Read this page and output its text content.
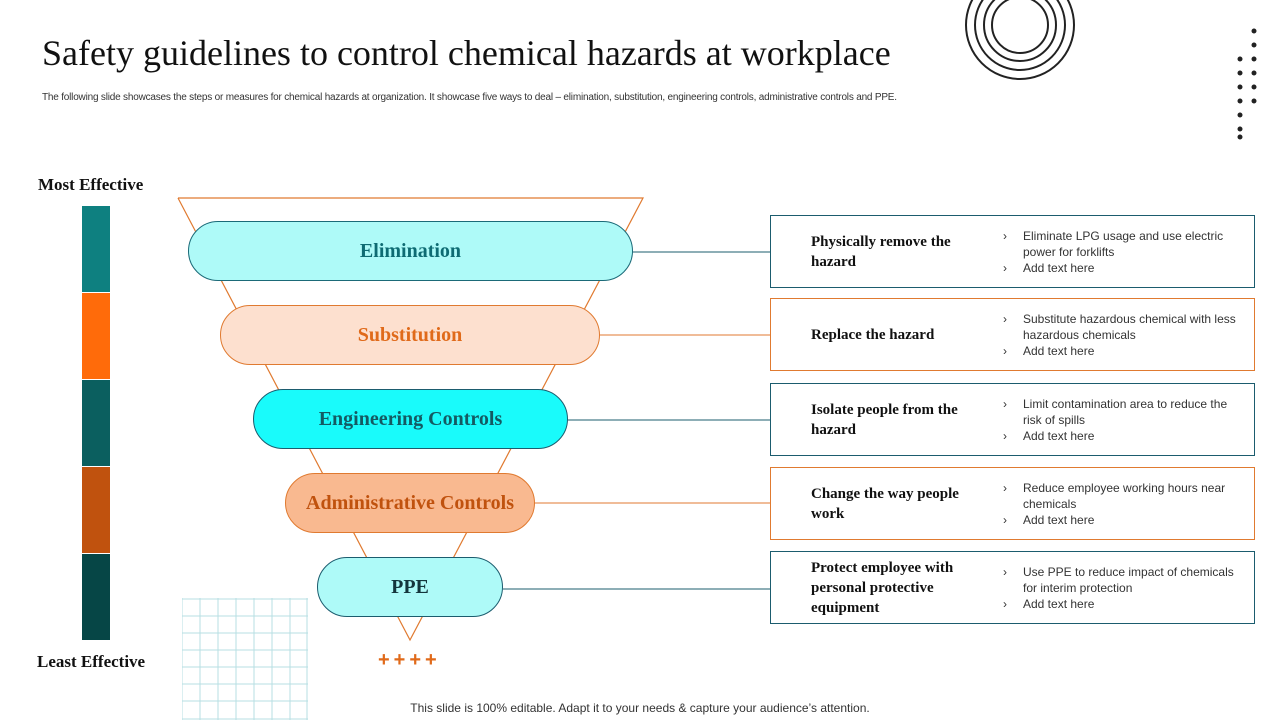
Safety guidelines to control chemical hazards at workplace
The following slide showcases the steps or measures for chemical hazards at organization. It showcase five ways to deal – elimination, substitution, engineering controls, administrative controls and PPE.
Most Effective
Least Effective
Elimination
Substitution
Engineering Controls
Administrative Controls
PPE
Physically remove the hazard
› Eliminate LPG usage and use electric power for forklifts
› Add text here
Replace the hazard
› Substitute hazardous chemical with less hazardous chemicals
› Add text here
Isolate people from the hazard
› Limit contamination area to reduce the risk of spills
› Add text here
Change the way people work
› Reduce employee working hours near chemicals
› Add text here
Protect employee with personal protective equipment
› Use PPE to reduce impact of chemicals for interim protection
› Add text here
++++
This slide is 100% editable. Adapt it to your needs & capture your audience’s attention.
